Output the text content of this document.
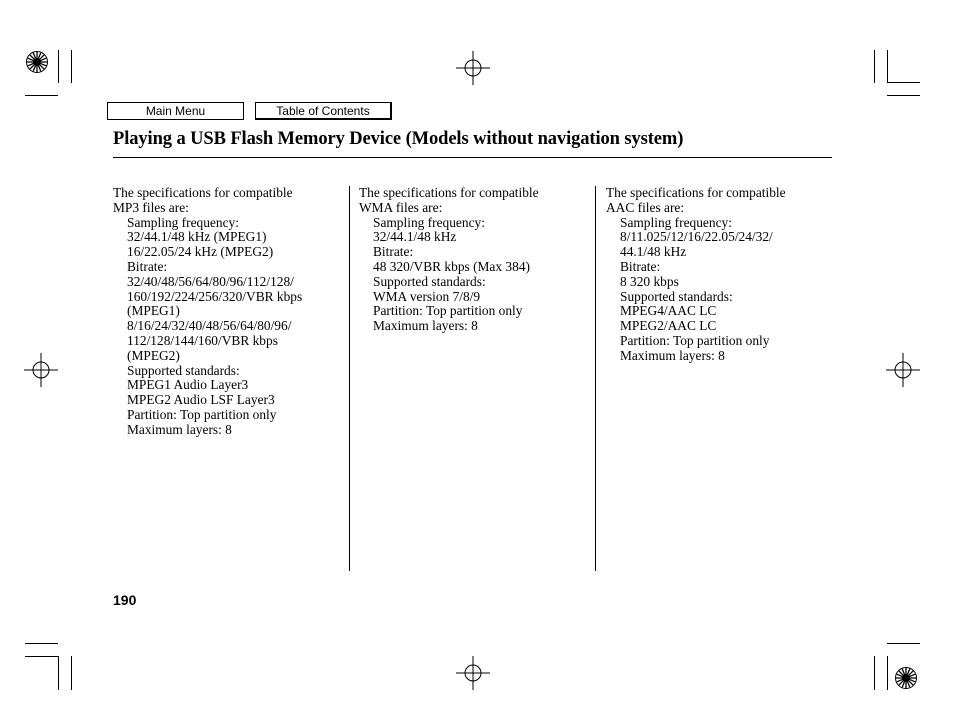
Main Menu	Table of Contents
Playing a USB Flash Memory Device (Models without navigation system)
The specifications for compatible
MP3 files are:
Sampling frequency:
32/44.1/48 kHz (MPEG1)
16/22.05/24 kHz (MPEG2)
Bitrate:
32/40/48/56/64/80/96/112/128/
160/192/224/256/320/VBR kbps
(MPEG1)
8/16/24/32/40/48/56/64/80/96/
112/128/144/160/VBR kbps
(MPEG2)
Supported standards:
MPEG1 Audio Layer3
MPEG2 Audio LSF Layer3
Partition: Top partition only
Maximum layers: 8
The specifications for compatible
WMA files are:
Sampling frequency:
32/44.1/48 kHz
Bitrate:
48 320/VBR kbps (Max 384)
Supported standards:
WMA version 7/8/9
Partition: Top partition only
Maximum layers: 8
The specifications for compatible
AAC files are:
Sampling frequency:
8/11.025/12/16/22.05/24/32/
44.1/48 kHz
Bitrate:
8 320 kbps
Supported standards:
MPEG4/AAC LC
MPEG2/AAC LC
Partition: Top partition only
Maximum layers: 8
190
